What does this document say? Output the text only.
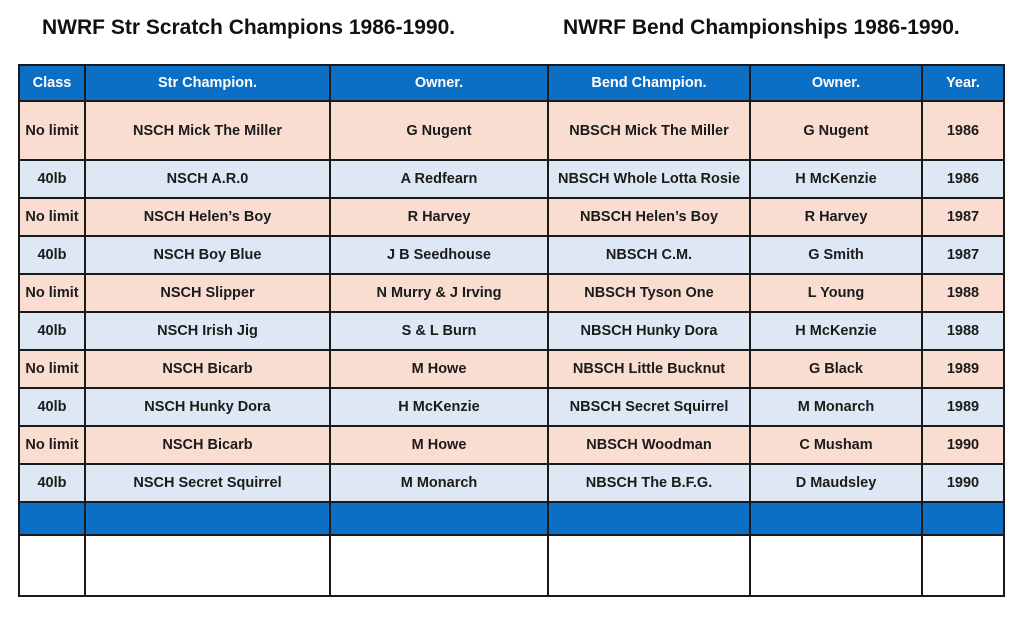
NWRF Str Scratch Champions 1986-1990.	NWRF Bend Championships 1986-1990.
Class	Str Champion.	Owner.	Bend Champion.	Owner.	Year.
No limit	NSCH Mick The Miller	G Nugent	NBSCH Mick The Miller	G Nugent	1986
40lb	NSCH A.R.0	A Redfearn	NBSCH Whole Lotta Rosie	H McKenzie	1986
No limit	NSCH Helen’s Boy	R Harvey	NBSCH Helen’s Boy	R Harvey	1987
40lb	NSCH Boy Blue	J B Seedhouse	NBSCH C.M.	G Smith	1987
No limit	NSCH Slipper	N Murry & J Irving	NBSCH Tyson One	L Young	1988
40lb	NSCH Irish Jig	S & L Burn	NBSCH Hunky Dora	H McKenzie	1988
No limit	NSCH Bicarb	M Howe	NBSCH Little Bucknut	G Black	1989
40lb	NSCH Hunky Dora	H McKenzie	NBSCH Secret Squirrel	M Monarch	1989
No limit	NSCH Bicarb	M Howe	NBSCH Woodman	C Musham	1990
40lb	NSCH Secret Squirrel	M Monarch	NBSCH The B.F.G.	D Maudsley	1990
